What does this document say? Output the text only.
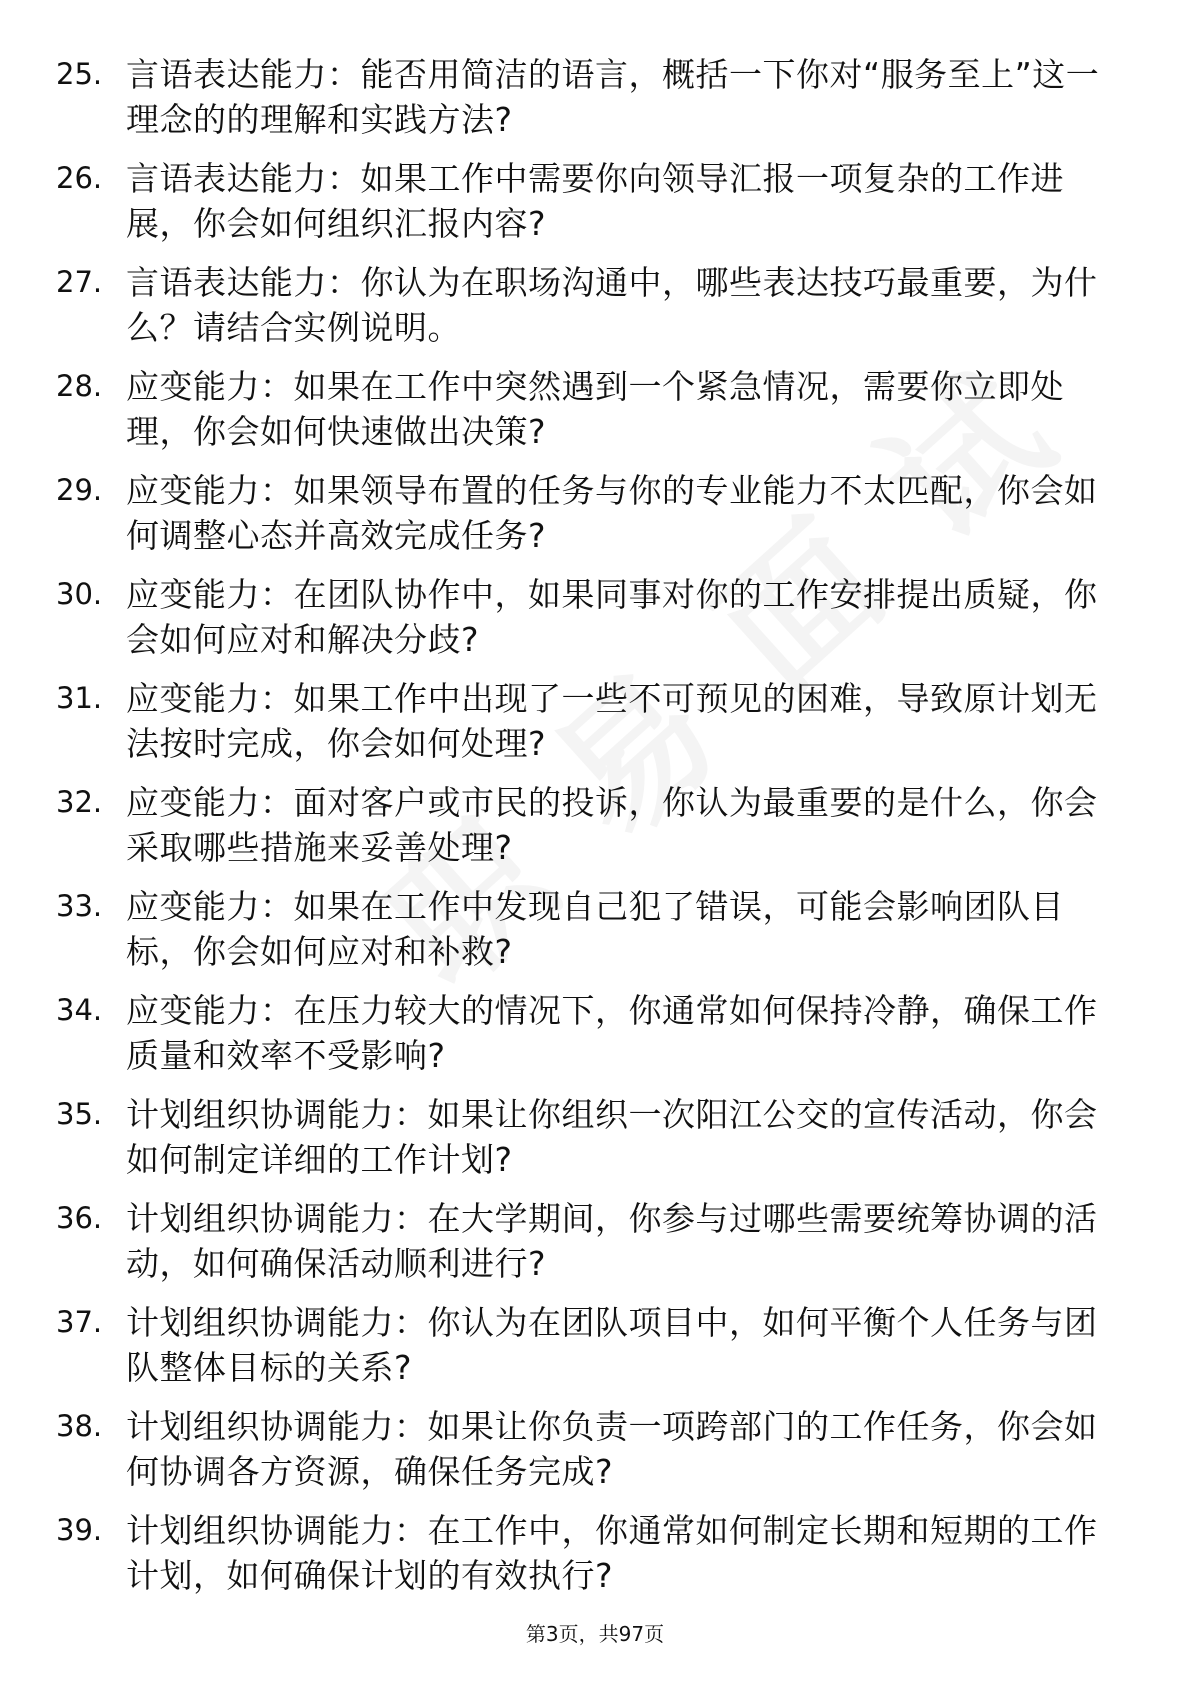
25. 言语表达能力：能否用简洁的语言，概括一下你对“服务至上”这一理念的的理解和实践方法?
26. 言语表达能力：如果工作中需要你向领导汇报一项复杂的工作进展，你会如何组织汇报内容?
27. 言语表达能力：你认为在职场沟通中，哪些表达技巧最重要，为什么？请结合实例说明。
28. 应变能力：如果在工作中突然遇到一个紧急情况，需要你立即处理，你会如何快速做出决策?
29. 应变能力：如果领导布置的任务与你的专业能力不太匹配，你会如何调整心态并高效完成任务?
30. 应变能力：在团队协作中，如果同事对你的工作安排提出质疑，你会如何应对和解决分歧?
31. 应变能力：如果工作中出现了一些不可预见的困难，导致原计划无法按时完成，你会如何处理?
32. 应变能力：面对客户或市民的投诉，你认为最重要的是什么，你会采取哪些措施来妥善处理?
33. 应变能力：如果在工作中发现自己犯了错误，可能会影响团队目标，你会如何应对和补救?
34. 应变能力：在压力较大的情况下，你通常如何保持冷静，确保工作质量和效率不受影响?
35. 计划组织协调能力：如果让你组织一次阳江公交的宣传活动，你会如何制定详细的工作计划?
36. 计划组织协调能力：在大学期间，你参与过哪些需要统筹协调的活动，如何确保活动顺利进行?
37. 计划组织协调能力：你认为在团队项目中，如何平衡个人任务与团队整体目标的关系?
38. 计划组织协调能力：如果让你负责一项跨部门的工作任务，你会如何协调各方资源，确保任务完成?
39. 计划组织协调能力：在工作中，你通常如何制定长期和短期的工作计划，如何确保计划的有效执行?
第3页，共97页
